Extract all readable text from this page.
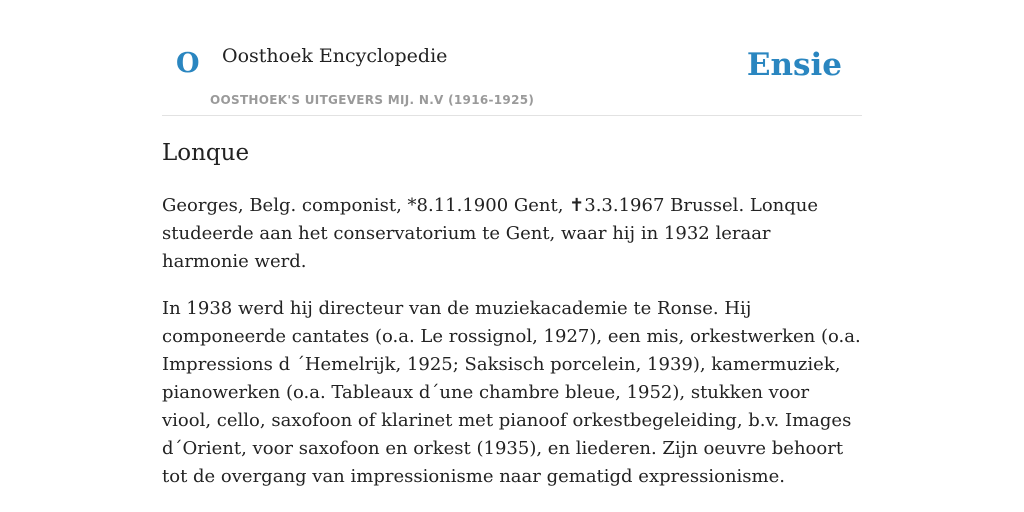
O Oosthoek Encyclopedie
OOSTHOEK'S UITGEVERS MIJ. N.V (1916-1925)
Ensie
Lonque

Georges, Belg. componist, *8.11.1900 Gent, ✝3.3.1967 Brussel. Lonque studeerde aan het conservatorium te Gent, waar hij in 1932 leraar harmonie werd.

In 1938 werd hij directeur van de muziekacademie te Ronse. Hij componeerde cantates (o.a. Le rossignol, 1927), een mis, orkestwerken (o.a. Impressions d ´Hemelrijk, 1925; Saksisch porcelein, 1939), kamermuziek, pianowerken (o.a. Tableaux d´une chambre bleue, 1952), stukken voor viool, cello, saxofoon of klarinet met pianoof orkestbegeleiding, b.v. Images d´Orient, voor saxofoon en orkest (1935), en liederen. Zijn oeuvre behoort tot de overgang van impressionisme naar gematigd expressionisme.
